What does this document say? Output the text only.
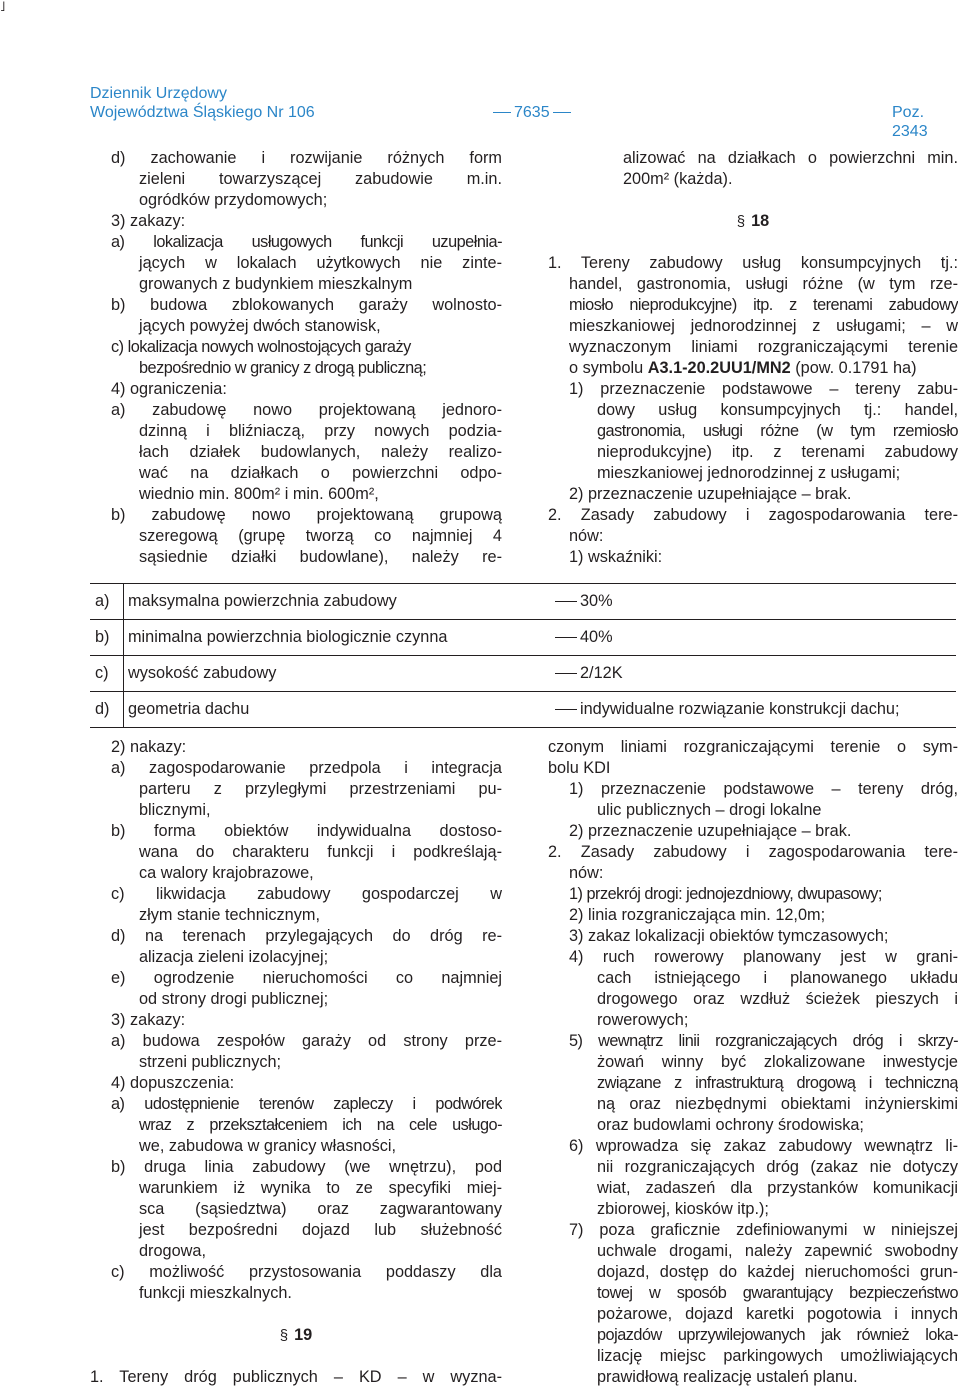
˩
Dziennik Urzędowy
Województwa Śląskiego Nr 106	7635	Poz. 2343
d) zachowanie i rozwijanie różnych form
zieleni towarzyszącej zabudowie m.in.
ogródków przydomowych;
3) zakazy:
a) lokalizacja usługowych funkcji uzupełnia-
jących w lokalach użytkowych nie zinte-
growanych z budynkiem mieszkalnym
b) budowa zblokowanych garaży wolnosto-
jących powyżej dwóch stanowisk,
c) lokalizacja nowych wolnostojących garaży
bezpośrednio w granicy z drogą publiczną;
4) ograniczenia:
a) zabudowę nowo projektowaną jednoro-
dzinną i bliźniaczą, przy nowych podzia-
łach działek budowlanych, należy realizo-
wać na działkach o powierzchni odpo-
wiednio min. 800m² i min. 600m²,
b) zabudowę nowo projektowaną grupową
szeregową (grupę tworzą co najmniej 4
sąsiednie działki budowlane), należy re-
alizować na działkach o powierzchni min.
200m² (każda).
§ 18
1. Tereny zabudowy usług konsumpcyjnych tj.:
handel, gastronomia, usługi różne (w tym rze-
miosło nieprodukcyjne) itp. z terenami zabudowy
mieszkaniowej jednorodzinnej z usługami; – w
wyznaczonym liniami rozgraniczającymi terenie
o symbolu A3.1-20.2UU1/MN2 (pow. 0.1791 ha)
1) przeznaczenie podstawowe – tereny zabu-
dowy usług konsumpcyjnych tj.: handel,
gastronomia, usługi różne (w tym rzemiosło
nieprodukcyjne) itp. z terenami zabudowy
mieszkaniowej jednorodzinnej z usługami;
2) przeznaczenie uzupełniające – brak.
2. Zasady zabudowy i zagospodarowania tere-
nów:
1) wskaźniki:
a) maksymalna powierzchnia zabudowy	30%
b) minimalna powierzchnia biologicznie czynna	40%
c) wysokość zabudowy	2/12K
d) geometria dachu	indywidualne rozwiązanie konstrukcji dachu;
2) nakazy:
a) zagospodarowanie przedpola i integracja
parteru z przyległymi przestrzeniami pu-
blicznymi,
b) forma obiektów indywidualna dostoso-
wana do charakteru funkcji i podkreślają-
ca walory krajobrazowe,
c) likwidacja zabudowy gospodarczej w
złym stanie technicznym,
d) na terenach przylegających do dróg re-
alizacja zieleni izolacyjnej;
e) ogrodzenie nieruchomości co najmniej
od strony drogi publicznej;
3) zakazy:
a) budowa zespołów garaży od strony prze-
strzeni publicznych;
4) dopuszczenia:
a) udostępnienie terenów zapleczy i podwórek
wraz z przekształceniem ich na cele usługo-
we, zabudowa w granicy własności,
b) druga linia zabudowy (we wnętrzu), pod
warunkiem iż wynika to ze specyfiki miej-
sca (sąsiedztwa) oraz zagwarantowany
jest bezpośredni dojazd lub służebność
drogowa,
c) możliwość przystosowania poddaszy dla
funkcji mieszkalnych.
§ 19
1. Tereny dróg publicznych – KD – w wyzna-
czonym liniami rozgraniczającymi terenie o sym-
bolu KDI
1) przeznaczenie podstawowe – tereny dróg,
ulic publicznych – drogi lokalne
2) przeznaczenie uzupełniające – brak.
2. Zasady zabudowy i zagospodarowania tere-
nów:
1) przekrój drogi: jednojezdniowy, dwupasowy;
2) linia rozgraniczająca min. 12,0m;
3) zakaz lokalizacji obiektów tymczasowych;
4) ruch rowerowy planowany jest w grani-
cach istniejącego i planowanego układu
drogowego oraz wzdłuż ścieżek pieszych i
rowerowych;
5) wewnątrz linii rozgraniczających dróg i skrzy-
żowań winny być zlokalizowane inwestycje
związane z infrastrukturą drogową i techniczną
ną oraz niezbędnymi obiektami inżynierskimi
oraz budowlami ochrony środowiska;
6) wprowadza się zakaz zabudowy wewnątrz li-
nii rozgraniczających dróg (zakaz nie dotyczy
wiat, zadaszeń dla przystanków komunikacji
zbiorowej, kiosków itp.);
7) poza graficznie zdefiniowanymi w niniejszej
uchwale drogami, należy zapewnić swobodny
dojazd, dostęp do każdej nieruchomości grun-
towej w sposób gwarantujący bezpieczeństwo
pożarowe, dojazd karetki pogotowia i innych
pojazdów uprzywilejowanych jak również loka-
lizację miejsc parkingowych umożliwiających
prawidłową realizację ustaleń planu.
